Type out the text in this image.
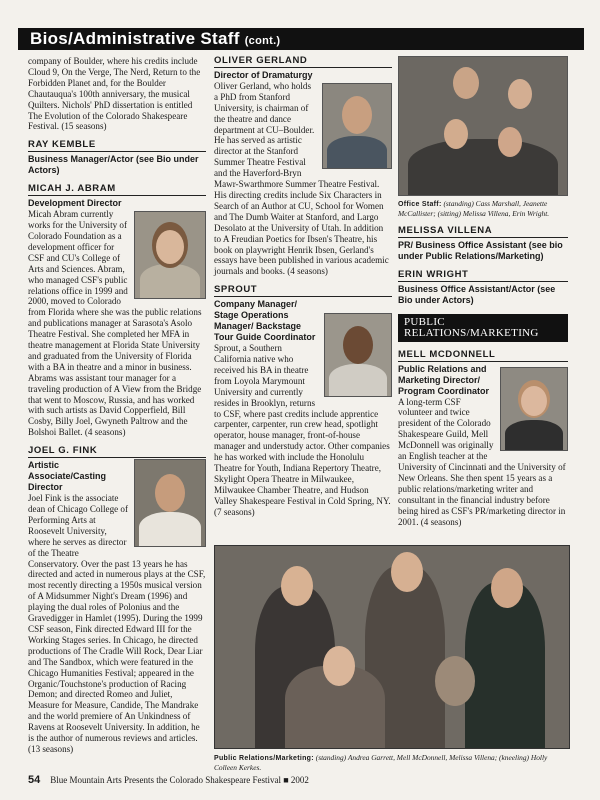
Bios/Administrative Staff (cont.)

company of Boulder, where his credits include Cloud 9, On the Verge, The Nerd, Return to the Forbidden Planet and, for the Boulder Chautauqua's 100th anniversary, the musical Quilters. Nichols' PhD dissertation is entitled The Evolution of the Colorado Shakespeare Festival. (15 seasons)

RAY KEMBLE
Business Manager/Actor (see Bio under Actors)
MICAH J. ABRAM
Development Director

Micah Abram currently works for the University of Colorado Foundation as a development officer for CSF and CU's College of Arts and Sciences. Abram, who managed CSF's public relations office in 1999 and 2000, moved to Colorado from Florida where she was the public relations and publications manager at Sarasota's Asolo Theatre Festival. She completed her MFA in theatre management at Florida State University and graduated from the University of Florida with a BA in theatre and a minor in business. Abrams was assistant tour manager for a traveling production of A View from the Bridge that went to Moscow, Russia, and has worked with such artists as David Copperfield, Bill Cosby, Billy Joel, Gwyneth Paltrow and the Bolshoi Ballet. (4 seasons)

JOEL G. FINK
Artistic Associate/Casting Director

Joel Fink is the associate dean of Chicago College of Performing Arts at Roosevelt University, where he serves as director of the Theatre Conservatory. Over the past 13 years he has directed and acted in numerous plays at the CSF, most recently directing a 1950s musical version of A Midsummer Night's Dream (1996) and playing the dual roles of Polonius and the Gravedigger in Hamlet (1995). During the 1999 CSF season, Fink directed Edward III for the Working Stages series. In Chicago, he directed productions of The Cradle Will Rock, Dear Liar and The Sandbox, which were featured in the Chicago Humanities Festival; appeared in the Organic/Touchstone's production of Racing Demon; and directed Romeo and Juliet, Measure for Measure, Candide, The Mandrake and the world premiere of An Unkindness of Ravens at Roosevelt University. In addition, he is the author of numerous reviews and articles. (13 seasons)

OLIVER GERLAND
Director of Dramaturgy

Oliver Gerland, who holds a PhD from Stanford University, is chairman of the theatre and dance department at CU–Boulder. He has served as artistic director at the Stanford Summer Theatre Festival and the Haverford-Bryn Mawr-Swarthmore Summer Theatre Festival. His directing credits include Six Characters in Search of an Author at CU, School for Women and The Dumb Waiter at Stanford, and Largo Desolato at the University of Utah. In addition to A Freudian Poetics for Ibsen's Theatre, his book on playwright Henrik Ibsen, Gerland's essays have been published in various academic journals and books. (4 seasons)

SPROUT
Company Manager/ Stage Operations Manager/ Backstage Tour Guide Coordinator

Sprout, a Southern California native who received his BA in theatre from Loyola Marymount University and currently resides in Brooklyn, returns to CSF, where past credits include apprentice carpenter, carpenter, run crew head, spotlight operator, house manager, front-of-house manager and understudy actor. Other companies he has worked with include the Honolulu Theatre for Youth, Indiana Repertory Theatre, Skylight Opera Theatre in Milwaukee, Milwaukee Chamber Theatre, and Hudson Valley Shakespeare Festival in Cold Spring, NY. (7 seasons)

Office Staff: (standing) Cass Marshall, Jeanette McCallister; (sitting) Melissa Villena, Erin Wright.
MELISSA VILLENA
PR/ Business Office Assistant (see bio under Public Relations/Marketing)
ERIN WRIGHT
Business Office Assistant/Actor (see Bio under Actors)
PUBLIC RELATIONS/MARKETING
MELL MCDONNELL
Public Relations and Marketing Director/ Program Coordinator

A long-term CSF volunteer and twice president of the Colorado Shakespeare Guild, Mell McDonnell was originally an English teacher at the University of Cincinnati and the University of New Orleans. She then spent 15 years as a public relations/marketing writer and consultant in the financial industry before being hired as CSF's PR/marketing director in 2001. (4 seasons)

Public Relations/Marketing: (standing) Andrea Garrett, Mell McDonnell, Melissa Villena; (kneeling) Holly Colleen Kerkes.
54 Blue Mountain Arts Presents the Colorado Shakespeare Festival ■ 2002
